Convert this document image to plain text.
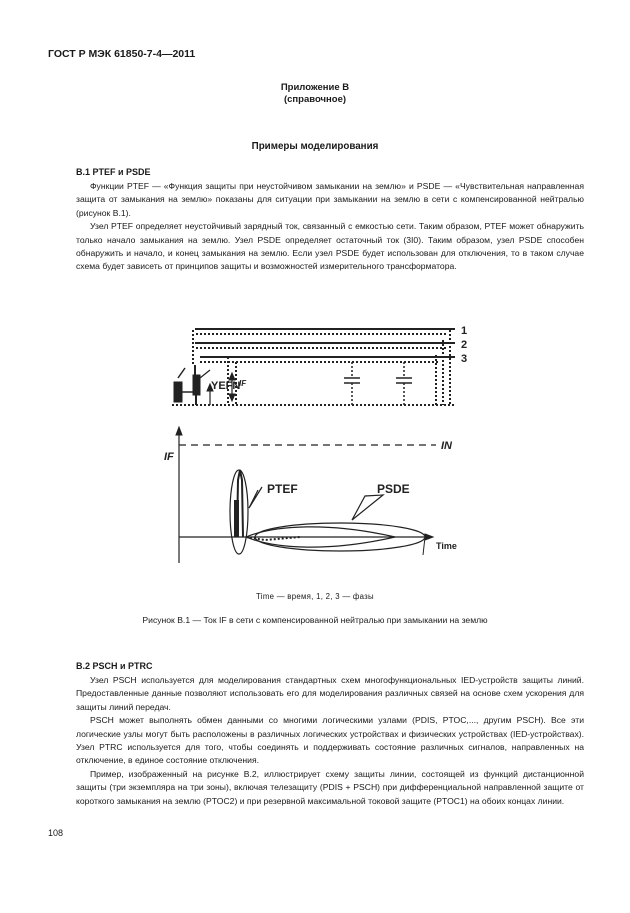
ГОСТ Р МЭК 61850-7-4—2011
Приложение В
(справочное)
Примеры моделирования
В.1 PTEF и PSDE

Функции PTEF — «Функция защиты при неустойчивом замыкании на землю» и PSDE — «Чувствительная направленная защита от замыкания на землю» показаны для ситуации при замыкании на землю в сети с компенсированной нейтралью (рисунок В.1).

Узел PTEF определяет неустойчивый зарядный ток, связанный с емкостью сети. Таким образом, PTEF может обнаружить только начало замыкания на землю. Узел PSDE определяет остаточный ток (3I0). Таким образом, узел PSDE способен обнаружить и начало, и конец замыкания на землю. Если узел PSDE будет использован для отключения, то в таком случае схема будет зависеть от принципов защиты и возможностей измерительного трансформатора.

1
2
3
YEFN
IF
IF
IN
PTEF	PSDE
Time
Time — время, 1, 2, 3 — фазы
Рисунок В.1 — Ток IF в сети с компенсированной нейтралью при замыкании на землю
В.2 PSCH и PTRC

Узел PSCH используется для моделирования стандартных схем многофункциональных IED-устройств защиты линий. Предоставленные данные позволяют использовать его для моделирования различных связей на основе схем ускорения для защиты линий передач.

PSCH может выполнять обмен данными со многими логическими узлами (PDIS, PTOC,..., другим PSCH). Все эти логические узлы могут быть расположены в различных логических устройствах и физических устройствах (IED-устройствах). Узел PTRC используется для того, чтобы соединять и поддерживать состояние различных сигналов, направленных на отключение, в единое состояние отключения.

Пример, изображенный на рисунке В.2, иллюстрирует схему защиты линии, состоящей из функций дистанционной защиты (три экземпляра на три зоны), включая телезащиту (PDIS + PSCH) при дифференциальной направленной защите от короткого замыкания на землю (PTOC2) и при резервной максимальной токовой защите (PTOC1) на обоих концах линии.

108
